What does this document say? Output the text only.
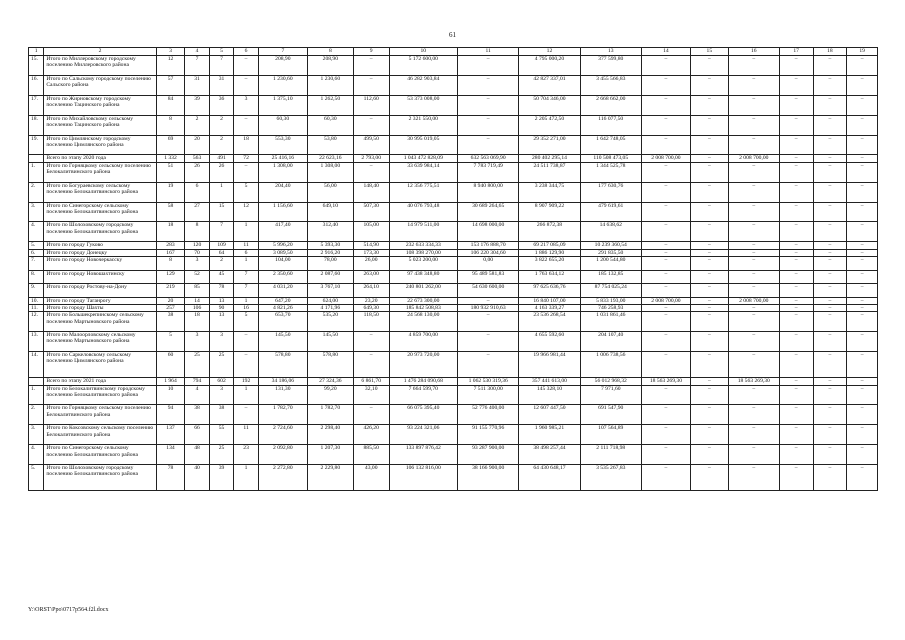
61
1	2	3	4	5	6	7	8	9	10	11	12	13	14	15	16	17	18	19
15.	Итого по Миллеровскому городскому поселению Миллеровского района	12	7	7	–	208,90	208,90	–	5 172 600,00	–	4 795 000,20	377 599,80	–	–	–	–	–	–
16.	Итого по Сальскому городскому поселению Сальского района	57	31	31	–	1 230,60	1 230,60	–	46 282 903,84	–	42 827 337,01	3 455 566,83	–	–	–	–	–	–
17.	Итого по Жирновскому городскому поселению Тацинского района	84	39	36	3	1 375,10	1 262,50	112,60	53 373 008,00	–	50 704 346,00	2 668 662,00	–	–	–	–	–	–
18.	Итого по Михайловскому сельскому поселению Тацинского района	8	2	2	–	60,30	60,30	–	2 321 550,00	–	2 205 472,50	116 077,50	–	–	–	–	–	–
19.	Итого по Цимлянскому городскому поселению Цимлянского района	69	20	2	18	553,30	53,80	499,50	30 995 019,05	–	29 352 271,00	1 642 748,05	–	–	–	–	–	–
	Всего по этапу 2020 года	1 332	563	491	72	25 416,16	22 623,16	2 793,00	1 043 472 828,09	632 563 069,90	280 402 295,14	110 508 473,05	2 008 700,00	–	2 008 700,00	–	–	–
1.	Итого по Горняцкому сельскому поселению Белокалитвинского района	51	26	26	–	1 308,00	1 308,00	–	33 639 984,14	7 783 719,49	24 511 738,87	1 344 525,78	–	–	–	–	–	–
2.	Итого по Богураевскому сельскому поселению Белокалитвинского района	19	6	1	5	204,40	56,00	148,40	12 356 775,51	8 940 800,00	3 238 344,75	177 630,76	–	–	–	–	–	–
3.	Итого по Синегорскому сельскому поселению Белокалитвинского района	58	27	15	12	1 156,60	649,10	507,30	40 076 793,48	30 689 264,65	8 907 909,22	479 619,61	–	–	–	–	–	–
4.	Итого по Шолоховскому городскому поселению Белокалитвинского района	18	8	7	1	417,40	312,40	105,00	14 979 511,00	14 698 000,00	266 872,38	14 638,62	–	–	–	–	–	–
5.	Итого по городу Гуково	283	120	109	11	5 996,20	5 393,30	514,90	232 633 334,33	153 176 888,70	69 217 085,09	10 239 360,54	–	–	–	–	–	–
6.	Итого по городу Донецку	167	70	64	6	3 089,50	2 916,20	173,30	108 398 270,00	106 220 304,60	1 886 129,90	291 835,50	–	–	–	–	–	–
7.	Итого по городу Новочеркасску	8	3	2	1	104,00	78,00	26,00	5 023 200,00	0,00	3 822 655,20	1 200 544,80	–	–	–	–	–	–
8.	Итого по городу Новошахтинску	129	52	45	7	2 350,60	2 087,60	263,00	97 438 348,80	95 489 581,83	1 763 634,12	185 132,85	–	–	–	–	–	–
9.	Итого по городу Ростову-на-Дону	219	85	78	7	4 031,20	3 767,10	264,10	240 801 262,00	54 630 600,00	97 625 636,76	87 754 025,24	–	–	–	–	–	–
10.	Итого по городу Таганрогу	20	14	13	1	647,20	624,00	23,20	22 673 300,00	–	16 840 107,00	5 833 193,00	2 008 700,00	–	2 008 700,00	–	–	–
11.	Итого по городу Шахты	257	106	90	16	4 821,26	4 171,96	649,30	185 842 508,83	180 932 910,63	4 163 339,27	746 258,93	–	–	–	–	–	–
12.	Итого по Большекрепинскому сельскому поселению Мартыновского района	38	18	13	5	653,70	535,20	118,50	24 568 130,00	–	23 536 268,54	1 031 861,46	–	–	–	–	–	–
13.	Итого по Малоорловскому сельскому поселению Мартыновского района	5	3	3	–	145,50	145,50	–	4 859 700,00	–	4 655 592,60	204 107,40	–	–	–	–	–	–
14.	Итого по Саркеловскому сельскому поселению Цимлянского района	60	25	25	–	578,80	578,80	–	20 973 720,00	–	19 966 981,44	1 006 738,56	–	–	–	–	–	–
	Всего по этапу 2021 года	1 964	794	602	192	34 186,06	27 324,36	6 861,70	1 476 284 090,68	1 062 530 319,36	357 441 613,00	56 012 968,32	18 563 269,30	–	18 563 269,30	–	–	–
1.	Итого по Белокалитвинскому городскому поселению Белокалитвинского района	10	4	3	1	131,30	99,20	32,10	7 664 599,70	7 511 300,00	145 328,10	7 971,60	–	–	–	–	–	–
2.	Итого по Горняцкому сельскому поселению Белокалитвинского района	94	38	38	–	1 782,70	1 782,70	–	66 075 395,40	52 776 400,00	12 607 447,50	691 547,90	–	–	–	–	–	–
3.	Итого по Коксовскому сельскому поселению Белокалитвинского района	137	66	55	11	2 724,60	2 298,40	426,20	93 224 321,06	91 155 770,96	1 960 985,21	107 564,89	–	–	–	–	–	–
4.	Итого по Синегорскому сельскому поселению Белокалитвинского района	134	48	25	23	2 092,80	1 207,30	885,50	133 897 876,42	93 287 900,00	38 498 257,44	2 111 718,98	–	–	–	–	–	–
5.	Итого по Шолоховскому городскому поселению Белокалитвинского района	78	40	39	1	2 272,80	2 229,80	43,00	106 132 816,00	38 166 900,00	64 430 648,17	3 535 267,83	–	–	–	–	–	–
Y:\ORST\Ppo\0717p564.f2l.docx
